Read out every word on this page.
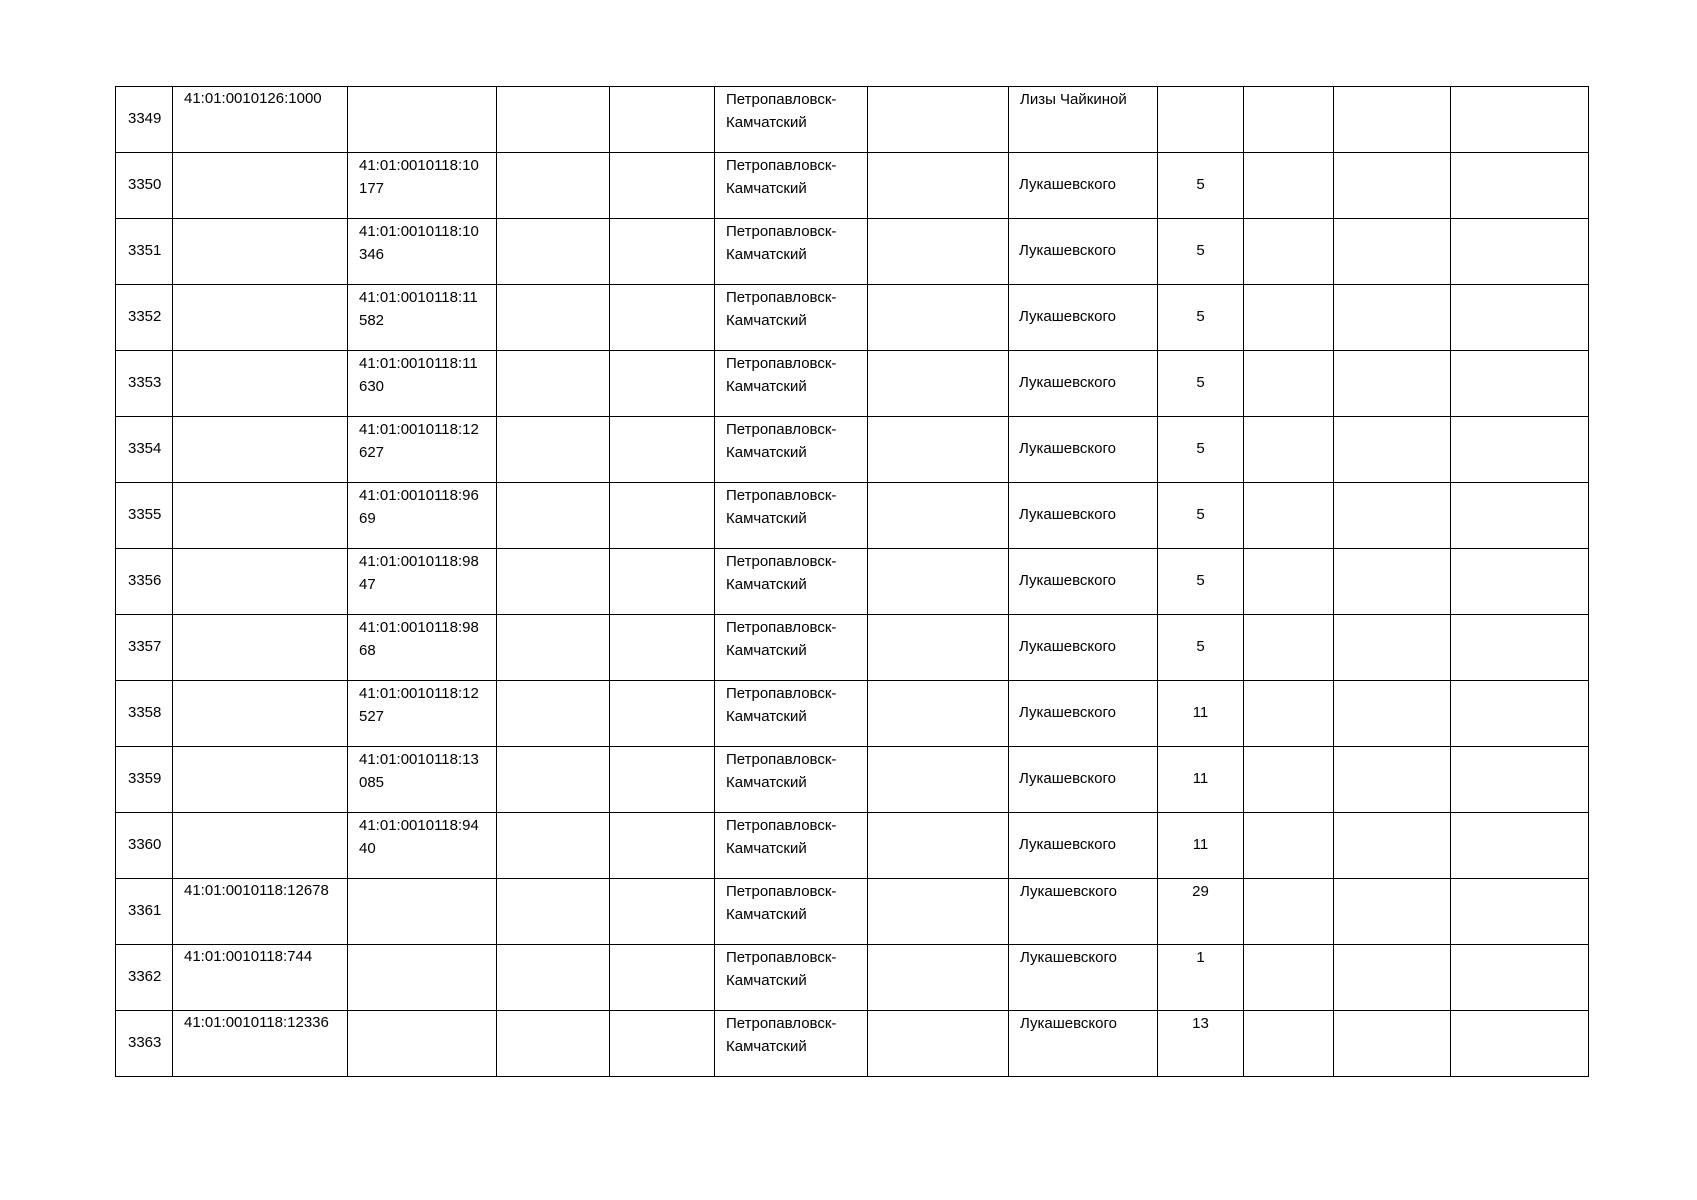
3349	41:01:0010126:1000				Петропавловск-Камчатский		Лизы Чайкиной				

3350		41:01:0010118:10177			Петропавловск-Камчатский		Лукашевского	5			
3351		41:01:0010118:10346			Петропавловск-Камчатский		Лукашевского	5			
3352		41:01:0010118:11582			Петропавловск-Камчатский		Лукашевского	5			
3353		41:01:0010118:11630			Петропавловск-Камчатский		Лукашевского	5			
3354		41:01:0010118:12627			Петропавловск-Камчатский		Лукашевского	5			
3355		41:01:0010118:9669			Петропавловск-Камчатский		Лукашевского	5			
3356		41:01:0010118:9847			Петропавловск-Камчатский		Лукашевского	5			
3357		41:01:0010118:9868			Петропавловск-Камчатский		Лукашевского	5			
3358		41:01:0010118:12527			Петропавловск-Камчатский		Лукашевского	11			
3359		41:01:0010118:13085			Петропавловск-Камчатский		Лукашевского	11			
3360		41:01:0010118:9440			Петропавловск-Камчатский		Лукашевского	11			
3361	41:01:0010118:12678				Петропавловск-Камчатский		Лукашевского	29			

3362	41:01:0010118:744				Петропавловск-Камчатский		Лукашевского	1			

3363	41:01:0010118:12336				Петропавловск-Камчатский		Лукашевского	13			
